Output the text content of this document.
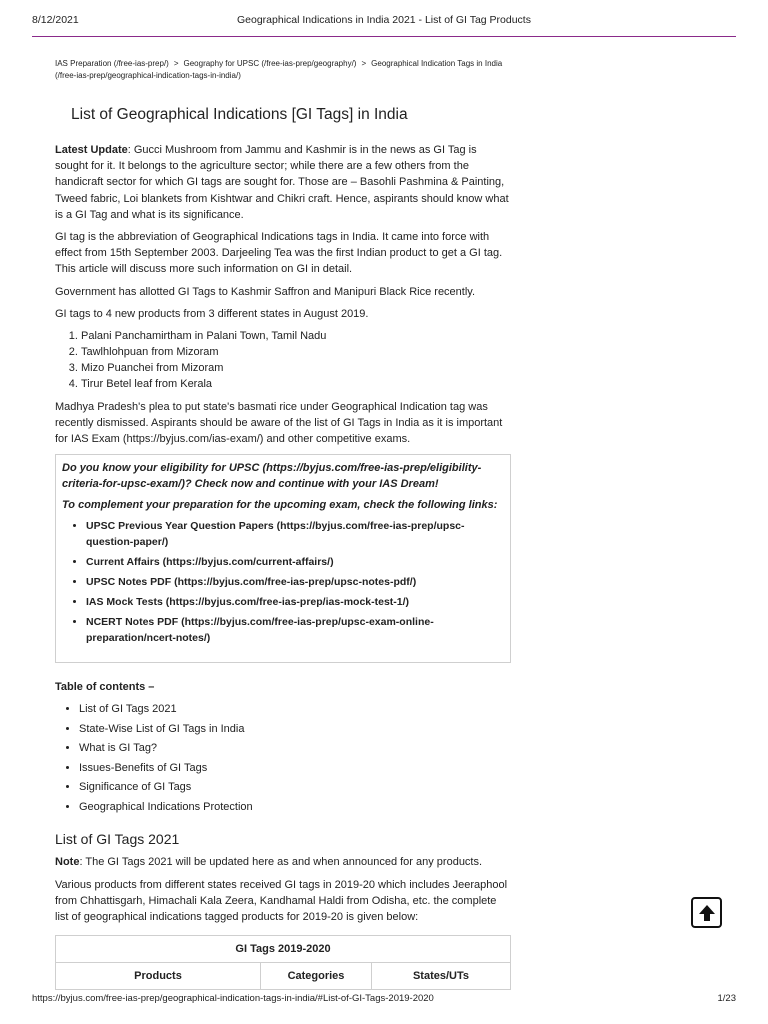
8/12/2021	Geographical Indications in India 2021 - List of GI Tag Products

IAS Preparation (/free-ias-prep/) > Geography for UPSC (/free-ias-prep/geography/) > Geographical Indication Tags in India (/free-ias-prep/geographical-indication-tags-in-india/)

List of Geographical Indications [GI Tags] in India

Latest Update: Gucci Mushroom from Jammu and Kashmir is in the news as GI Tag is sought for it. It belongs to the agriculture sector; while there are a few others from the handicraft sector for which GI tags are sought for. Those are – Basohli Pashmina & Painting, Tweed fabric, Loi blankets from Kishtwar and Chikri craft. Hence, aspirants should know what is a GI Tag and what is its significance.

GI tag is the abbreviation of Geographical Indications tags in India. It came into force with effect from 15th September 2003. Darjeeling Tea was the first Indian product to get a GI tag. This article will discuss more such information on GI in detail.

Government has allotted GI Tags to Kashmir Saffron and Manipuri Black Rice recently.

GI tags to 4 new products from 3 different states in August 2019.

1. Palani Panchamirtham in Palani Town, Tamil Nadu
2. Tawlhlohpuan from Mizoram
3. Mizo Puanchei from Mizoram
4. Tirur Betel leaf from Kerala

Madhya Pradesh's plea to put state's basmati rice under Geographical Indication tag was recently dismissed. Aspirants should be aware of the list of GI Tags in India as it is important for IAS Exam (https://byjus.com/ias-exam/) and other competitive exams.

Do you know your eligibility for UPSC (https://byjus.com/free-ias-prep/eligibility-criteria-for-upsc-exam/)? Check now and continue with your IAS Dream!

To complement your preparation for the upcoming exam, check the following links:

• UPSC Previous Year Question Papers (https://byjus.com/free-ias-prep/upsc-question-paper/)
• Current Affairs (https://byjus.com/current-affairs/)
• UPSC Notes PDF (https://byjus.com/free-ias-prep/upsc-notes-pdf/)
• IAS Mock Tests (https://byjus.com/free-ias-prep/ias-mock-test-1/)
• NCERT Notes PDF (https://byjus.com/free-ias-prep/upsc-exam-online-preparation/ncert-notes/)

Table of contents –

• List of GI Tags 2021
• State-Wise List of GI Tags in India
• What is GI Tag?
• Issues-Benefits of GI Tags
• Significance of GI Tags
• Geographical Indications Protection
List of GI Tags 2021

Note: The GI Tags 2021 will be updated here as and when announced for any products.

Various products from different states received GI tags in 2019-20 which includes Jeeraphool from Chhattisgarh, Himachali Kala Zeera, Kandhamal Haldi from Odisha, etc. the complete list of geographical indications tagged products for 2019-20 is given below:

GI Tags 2019-2020
Products	Categories	States/UTs
https://byjus.com/free-ias-prep/geographical-indication-tags-in-india/#List-of-GI-Tags-2019-2020	1/23
